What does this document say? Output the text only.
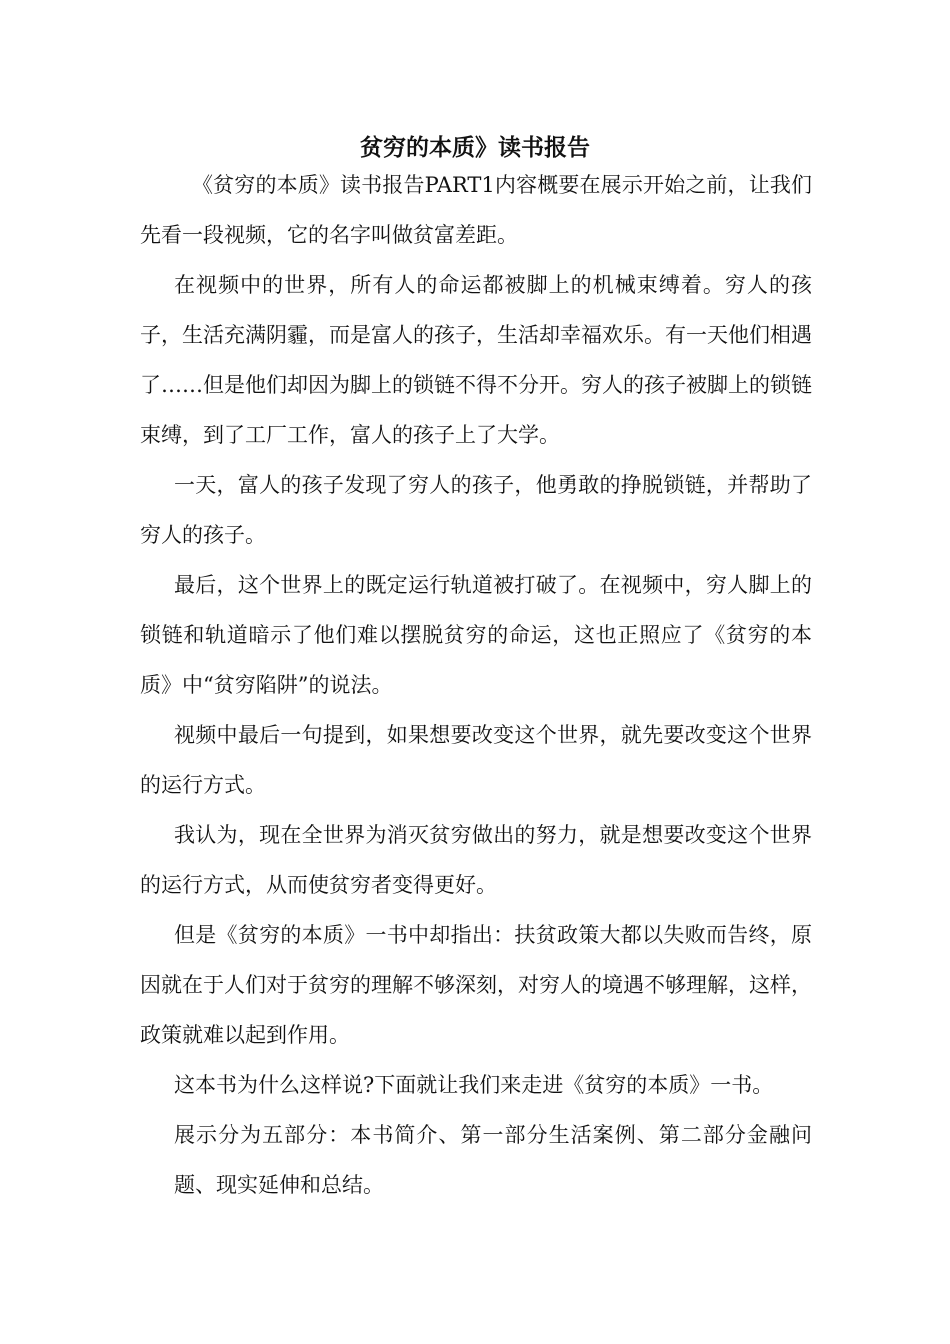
贫穷的本质》读书报告

《贫穷的本质》读书报告PART1内容概要在展示开始之前，让我们先看一段视频，它的名字叫做贫富差距。

在视频中的世界，所有人的命运都被脚上的机械束缚着。穷人的孩子，生活充满阴霾，而是富人的孩子，生活却幸福欢乐。有一天他们相遇了……但是他们却因为脚上的锁链不得不分开。穷人的孩子被脚上的锁链束缚，到了工厂工作，富人的孩子上了大学。

一天，富人的孩子发现了穷人的孩子，他勇敢的挣脱锁链，并帮助了穷人的孩子。

最后，这个世界上的既定运行轨道被打破了。在视频中，穷人脚上的锁链和轨道暗示了他们难以摆脱贫穷的命运，这也正照应了《贫穷的本质》中“贫穷陷阱”的说法。

视频中最后一句提到，如果想要改变这个世界，就先要改变这个世界的运行方式。

我认为，现在全世界为消灭贫穷做出的努力，就是想要改变这个世界的运行方式，从而使贫穷者变得更好。

但是《贫穷的本质》一书中却指出：扶贫政策大都以失败而告终，原因就在于人们对于贫穷的理解不够深刻，对穷人的境遇不够理解，这样，政策就难以起到作用。

这本书为什么这样说?下面就让我们来走进《贫穷的本质》一书。

展示分为五部分：本书简介、第一部分生活案例、第二部分金融问题、现实延伸和总结。
